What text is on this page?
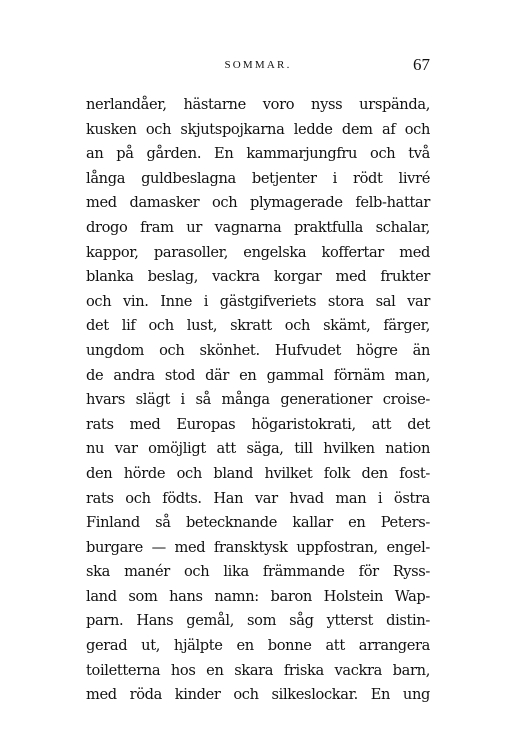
SOMMAR.	67
nerlandåer, hästarne voro nyss urspända,
kusken och skjutspojkarna ledde dem af och
an på gården. En kammarjungfru och två
långa guldbeslagna betjenter i rödt livré
med damasker och plymagerade felb-hattar
drogo fram ur vagnarna praktfulla schalar,
kappor, parasoller, engelska koffertar med
blanka beslag, vackra korgar med frukter
och vin. Inne i gästgifveriets stora sal var
det lif och lust, skratt och skämt, färger,
ungdom och skönhet. Hufvudet högre än
de andra stod där en gammal förnäm man,
hvars slägt i så många generationer croise-
rats med Europas högaristokrati, att det
nu var omöjligt att säga, till hvilken nation
den hörde och bland hvilket folk den fost-
rats och födts. Han var hvad man i östra
Finland så betecknande kallar en Peters-
burgare — med fransktysk uppfostran, engel-
ska manér och lika främmande för Ryss-
land som hans namn: baron Holstein Wap-
parn. Hans gemål, som såg ytterst distin-
gerad ut, hjälpte en bonne att arrangera
toiletterna hos en skara friska vackra barn,
med röda kinder och silkeslockar. En ung
